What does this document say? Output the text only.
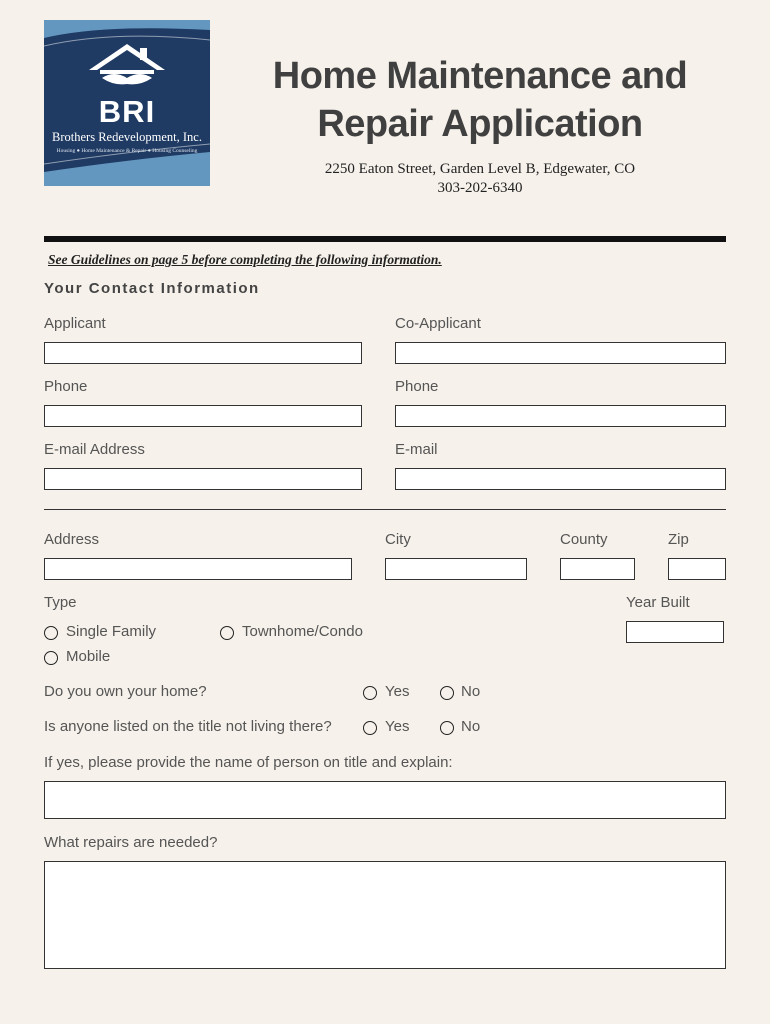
BRI
Brothers Redevelopment, Inc.
Housing ● Home Maintenance & Repair ● Housing Counseling
Home Maintenance and
Repair Application
2250 Eaton Street, Garden Level B, Edgewater, CO
303-202-6340
See Guidelines on page 5 before completing the following information.
Your Contact Information
Applicant	Co-Applicant
Phone	Phone
E-mail Address	E-mail
Address	City	County	Zip
Type	Year Built
Single Family	Townhome/Condo
Mobile
Do you own your home?	Yes	No
Is anyone listed on the title not living there?	Yes	No
If yes, please provide the name of person on title and explain:
What repairs are needed?
